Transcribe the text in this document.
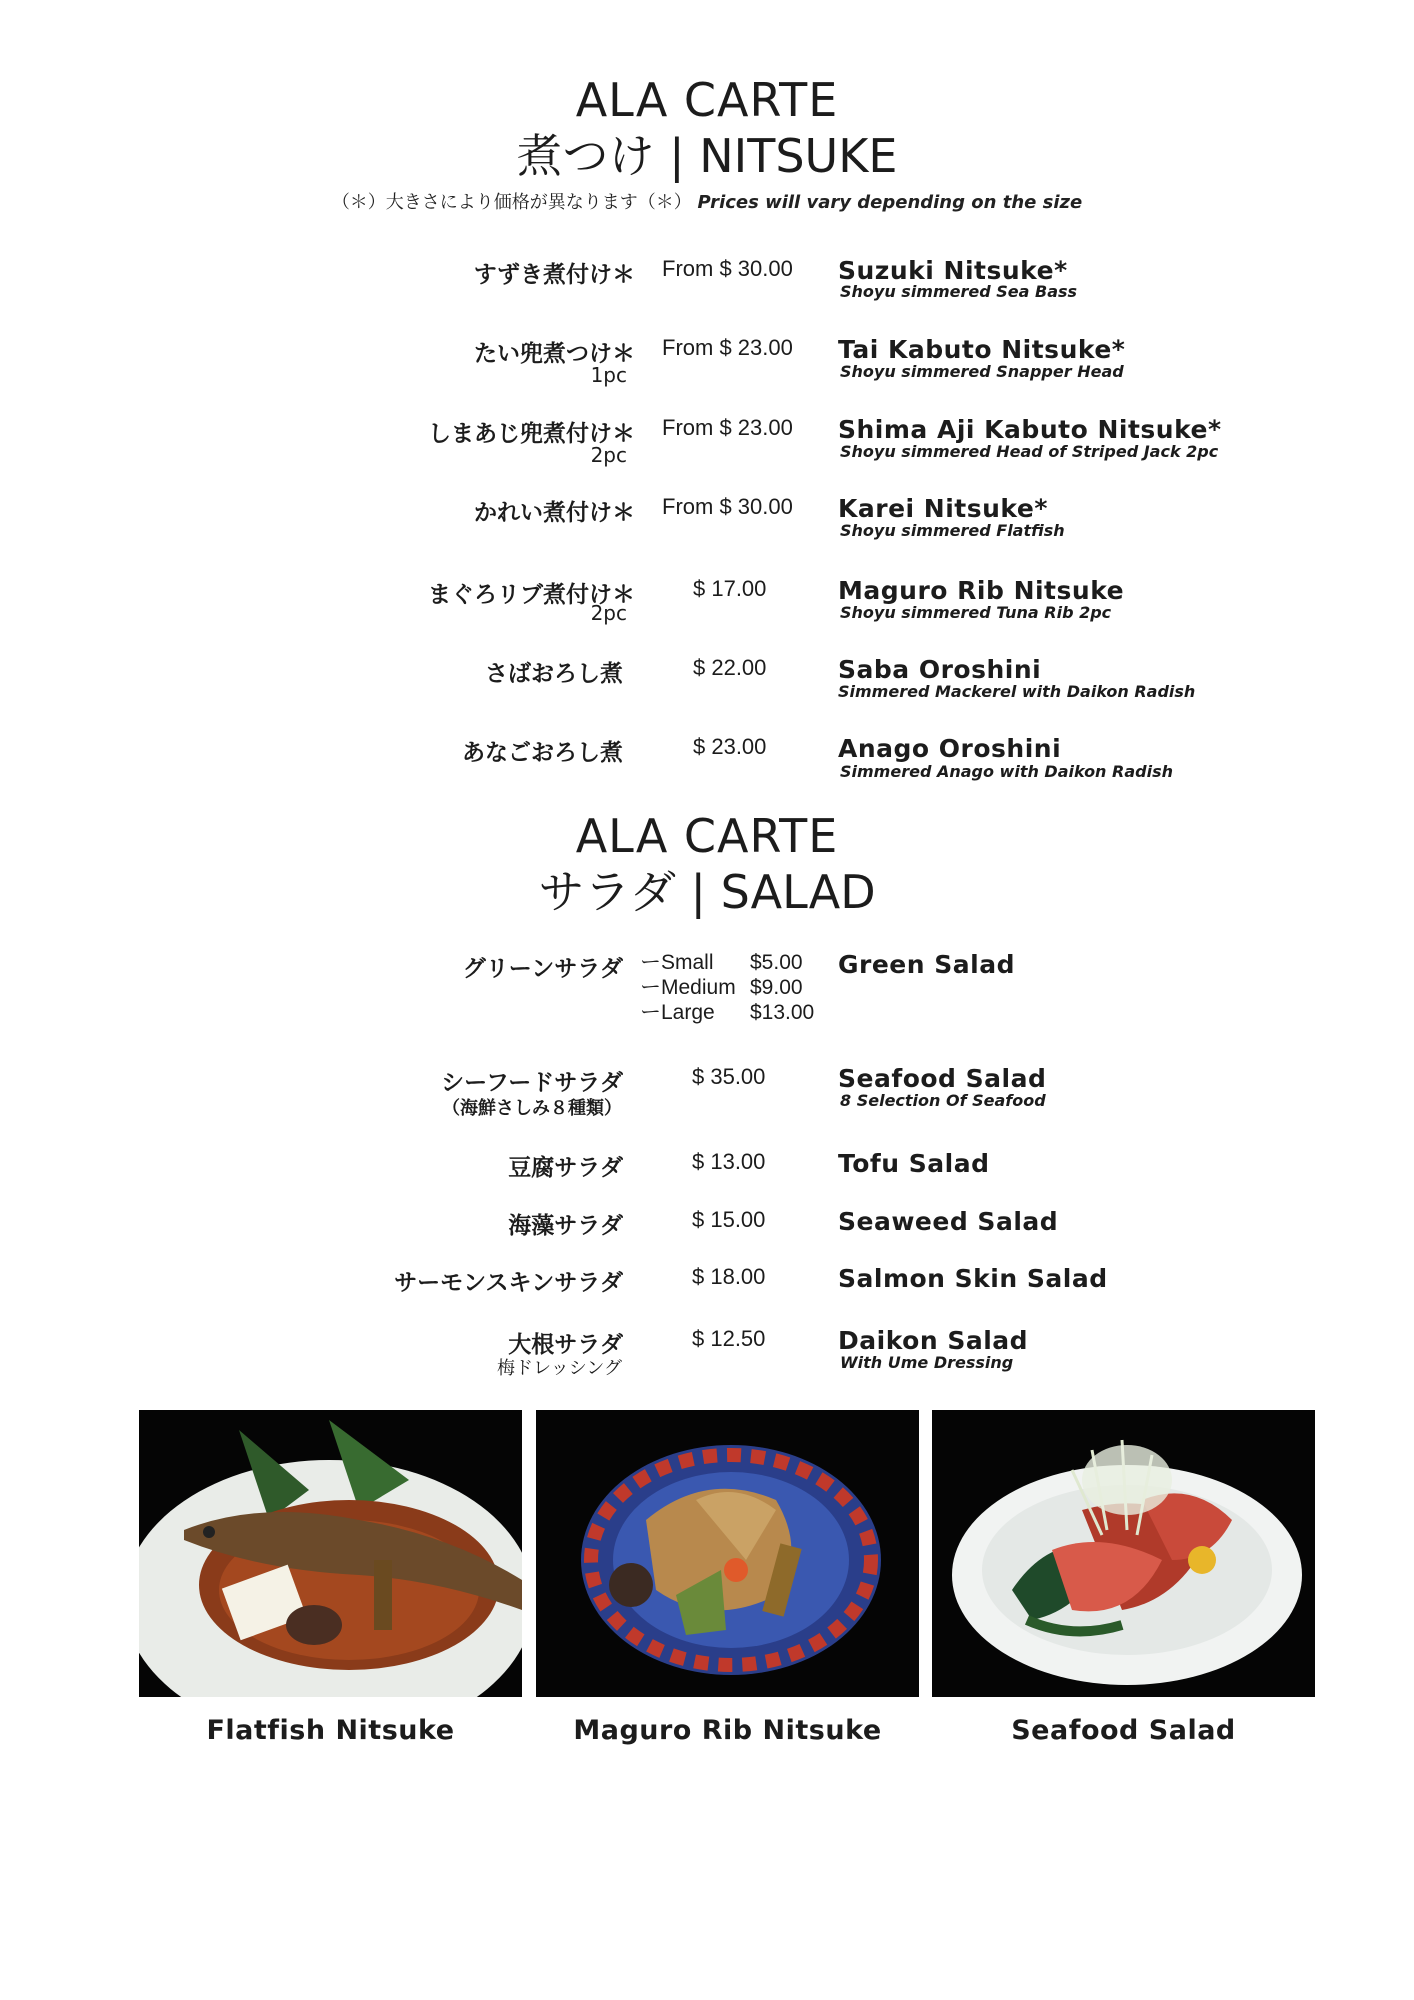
ALA CARTE
煮つけ | NITSUKE
（＊）大きさにより価格が異なります（＊） Prices will vary depending on the size
すずき煮付け＊ From $ 30.00 Suzuki Nitsuke*
Shoyu simmered Sea Bass
たい兜煮つけ＊
1pc
From $ 23.00 Tai Kabuto Nitsuke*
Shoyu simmered Snapper Head
しまあじ兜煮付け＊
2pc
From $ 23.00 Shima Aji Kabuto Nitsuke*
Shoyu simmered Head of Striped Jack 2pc
かれい煮付け＊ From $ 30.00 Karei Nitsuke*
Shoyu simmered Flatfish
まぐろリブ煮付け＊
2pc
$ 17.00	Maguro Rib Nitsuke
Shoyu simmered Tuna Rib 2pc
さばおろし煮	$ 22.00	Saba Oroshini
Simmered Mackerel with Daikon Radish
あなごおろし煮	$ 23.00	Anago Oroshini
Simmered Anago with Daikon Radish
ALA CARTE
サラダ | SALAD
グリーンサラダ ーSmall $5.00
ーMedium $9.00
ーLarge $13.00
Green Salad
シーフードサラダ
（海鮮さしみ８種類）
$ 35.00	Seafood Salad
8 Selection Of Seafood
豆腐サラダ	$ 13.00	Tofu Salad
海藻サラダ	$ 15.00	Seaweed Salad
サーモンスキンサラダ	$ 18.00	Salmon Skin Salad
大根サラダ
梅ドレッシング
$ 12.50	Daikon Salad
With Ume Dressing
Flatfish Nitsuke	Maguro Rib Nitsuke	Seafood Salad
